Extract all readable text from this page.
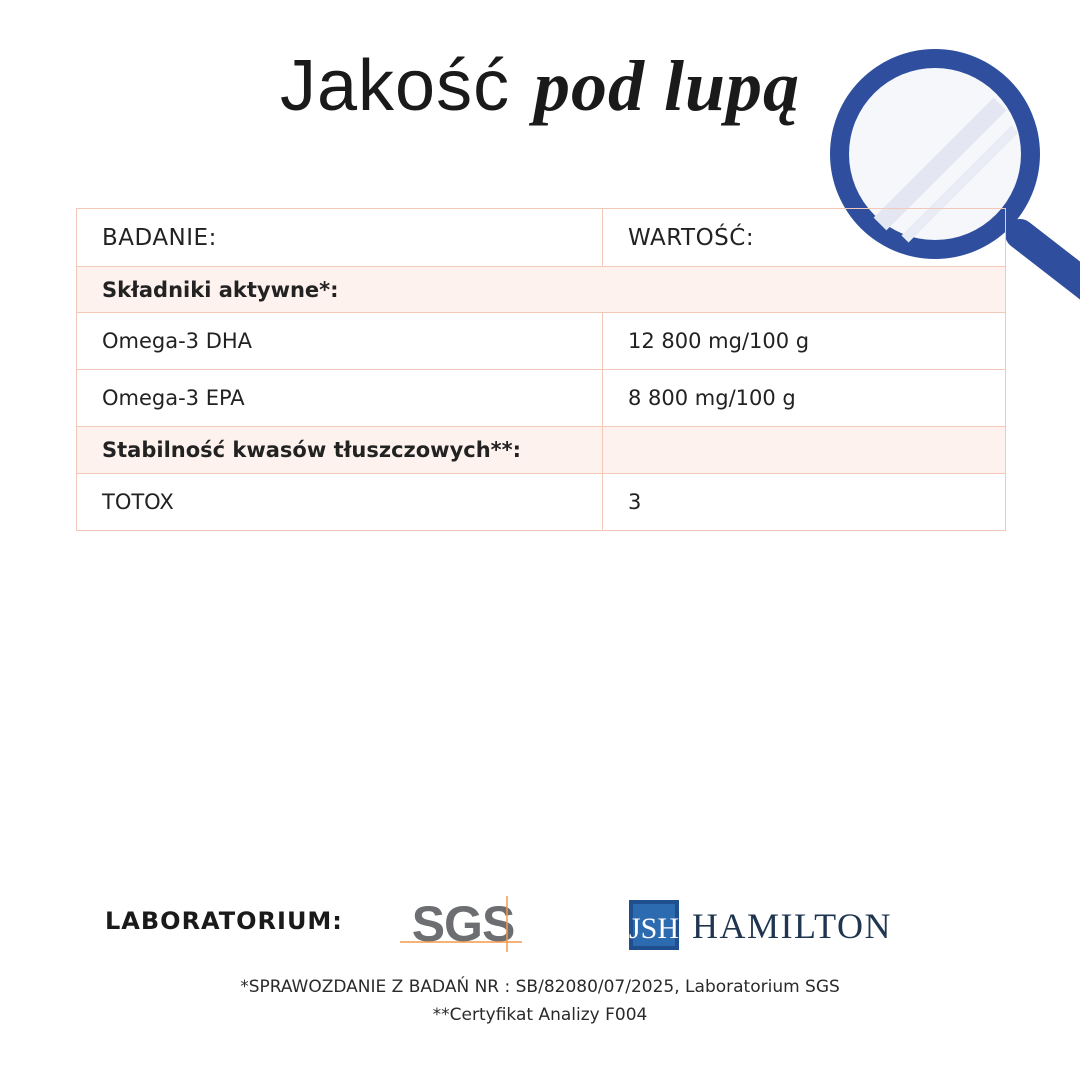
Jakość pod lupą
BADANIE:	WARTOŚĆ:
Składniki aktywne*:	
Omega-3 DHA	12 800 mg/100 g
Omega-3 EPA	8 800 mg/100 g
Stabilność kwasów tłuszczowych**:	
TOTOX	3
LABORATORIUM: SGS	JSH HAMILTON
*SPRAWOZDANIE Z BADAŃ NR : SB/82080/07/2025, Laboratorium SGS
**Certyfikat Analizy F004
